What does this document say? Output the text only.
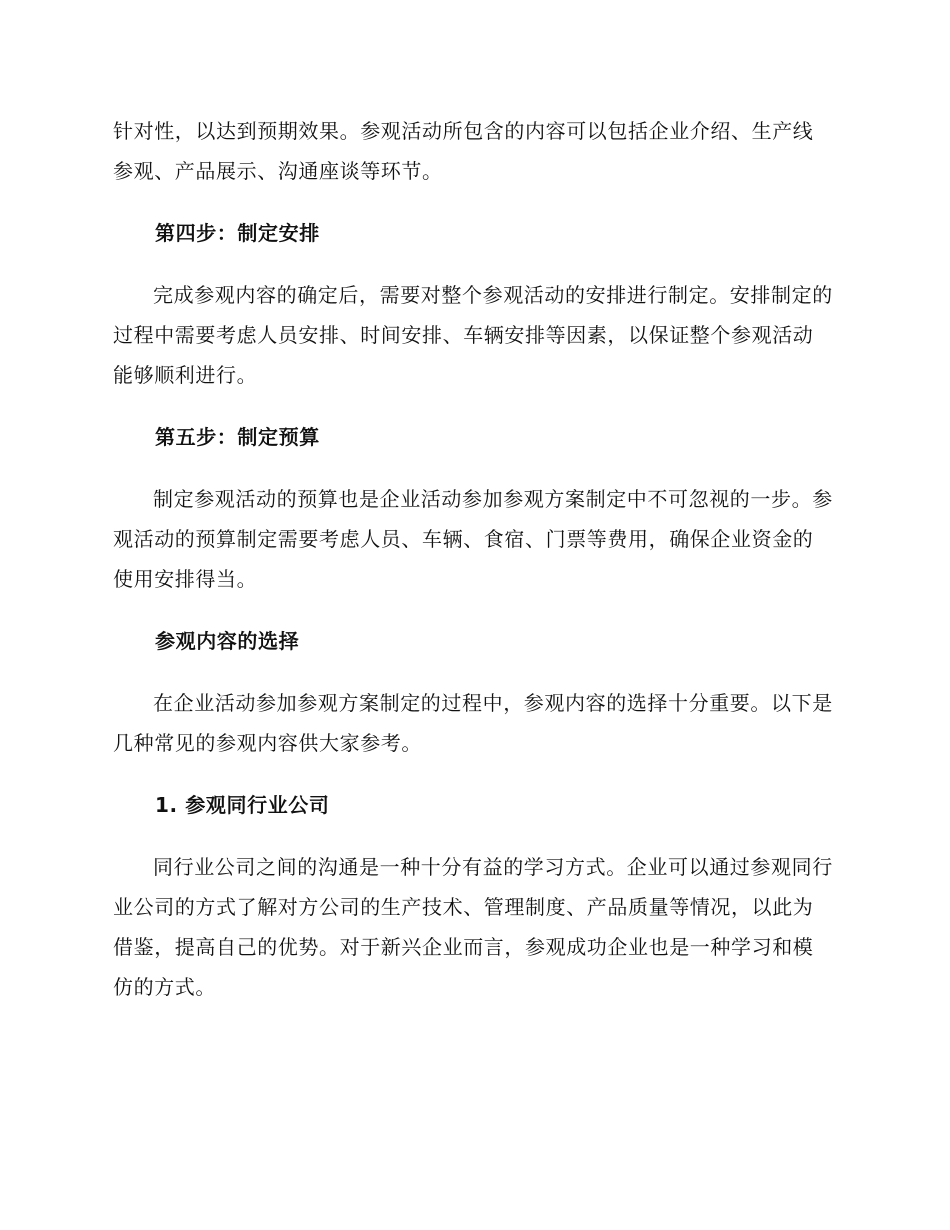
针对性，以达到预期效果。参观活动所包含的内容可以包括企业介绍、生产线参观、产品展示、沟通座谈等环节。

第四步：制定安排

完成参观内容的确定后，需要对整个参观活动的安排进行制定。安排制定的过程中需要考虑人员安排、时间安排、车辆安排等因素，以保证整个参观活动能够顺利进行。

第五步：制定预算

制定参观活动的预算也是企业活动参加参观方案制定中不可忽视的一步。参观活动的预算制定需要考虑人员、车辆、食宿、门票等费用，确保企业资金的使用安排得当。

参观内容的选择

在企业活动参加参观方案制定的过程中，参观内容的选择十分重要。以下是几种常见的参观内容供大家参考。

1. 参观同行业公司

同行业公司之间的沟通是一种十分有益的学习方式。企业可以通过参观同行业公司的方式了解对方公司的生产技术、管理制度、产品质量等情况，以此为借鉴，提高自己的优势。对于新兴企业而言，参观成功企业也是一种学习和模仿的方式。
